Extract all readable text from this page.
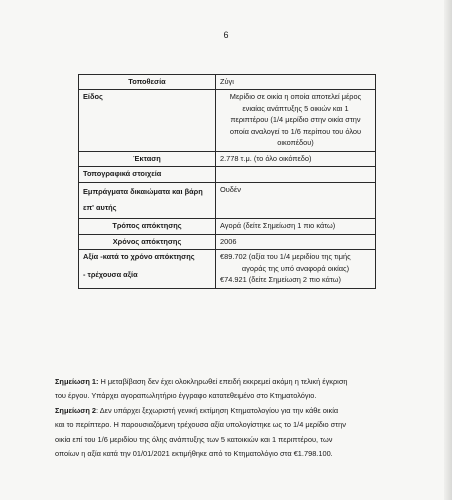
6
Τοποθεσία	Ζύγι

Είδος	Μερίδιο σε οικία η οποία αποτελεί μέρος
ενιαίας ανάπτυξης 5 οικιών και 1
περιπτέρου (1/4 μερίδιο στην οικία στην
οποία αναλογεί το 1/6 περίπου του όλου
οικοπέδου)

Έκταση	2.778 τ.μ. (το όλο οικόπεδο)

Τοπογραφικά στοιχεία	

Εμπράγματα δικαιώματα και βάρη επ' αυτής	Ουδέν

Τρόπος απόκτησης	Αγορά (δείτε Σημείωση 1 πιο κάτω)

Χρόνος απόκτησης	2006

Αξία -κατά το χρόνο απόκτησης
- τρέχουσα αξία	€89.702 (αξία του 1/4 μεριδίου της τιμής
αγοράς της υπό αναφορά οικίας)
€74.921 (δείτε Σημείωση 2 πιο κάτω)

Σημείωση 1: Η μεταβίβαση δεν έχει ολοκληρωθεί επειδή εκκρεμεί ακόμη η τελική έγκριση

του έργου. Υπάρχει αγοραπωλητήριο έγγραφο κατατεθειμένο στο Κτηματολόγιο.

Σημείωση 2: Δεν υπάρχει ξεχωριστή γενική εκτίμηση Κτηματολογίου για την κάθε οικία

και το περίπτερο. Η παρουσιαζόμενη τρέχουσα αξία υπολογίστηκε ως το 1/4 μερίδιο στην

οικία επί του 1/6 μεριδίου της όλης ανάπτυξης των 5 κατοικιών και 1 περιπτέρου, των

οποίων η αξία κατά την 01/01/2021 εκτιμήθηκε από το Κτηματολόγιο στα €1.798.100.
